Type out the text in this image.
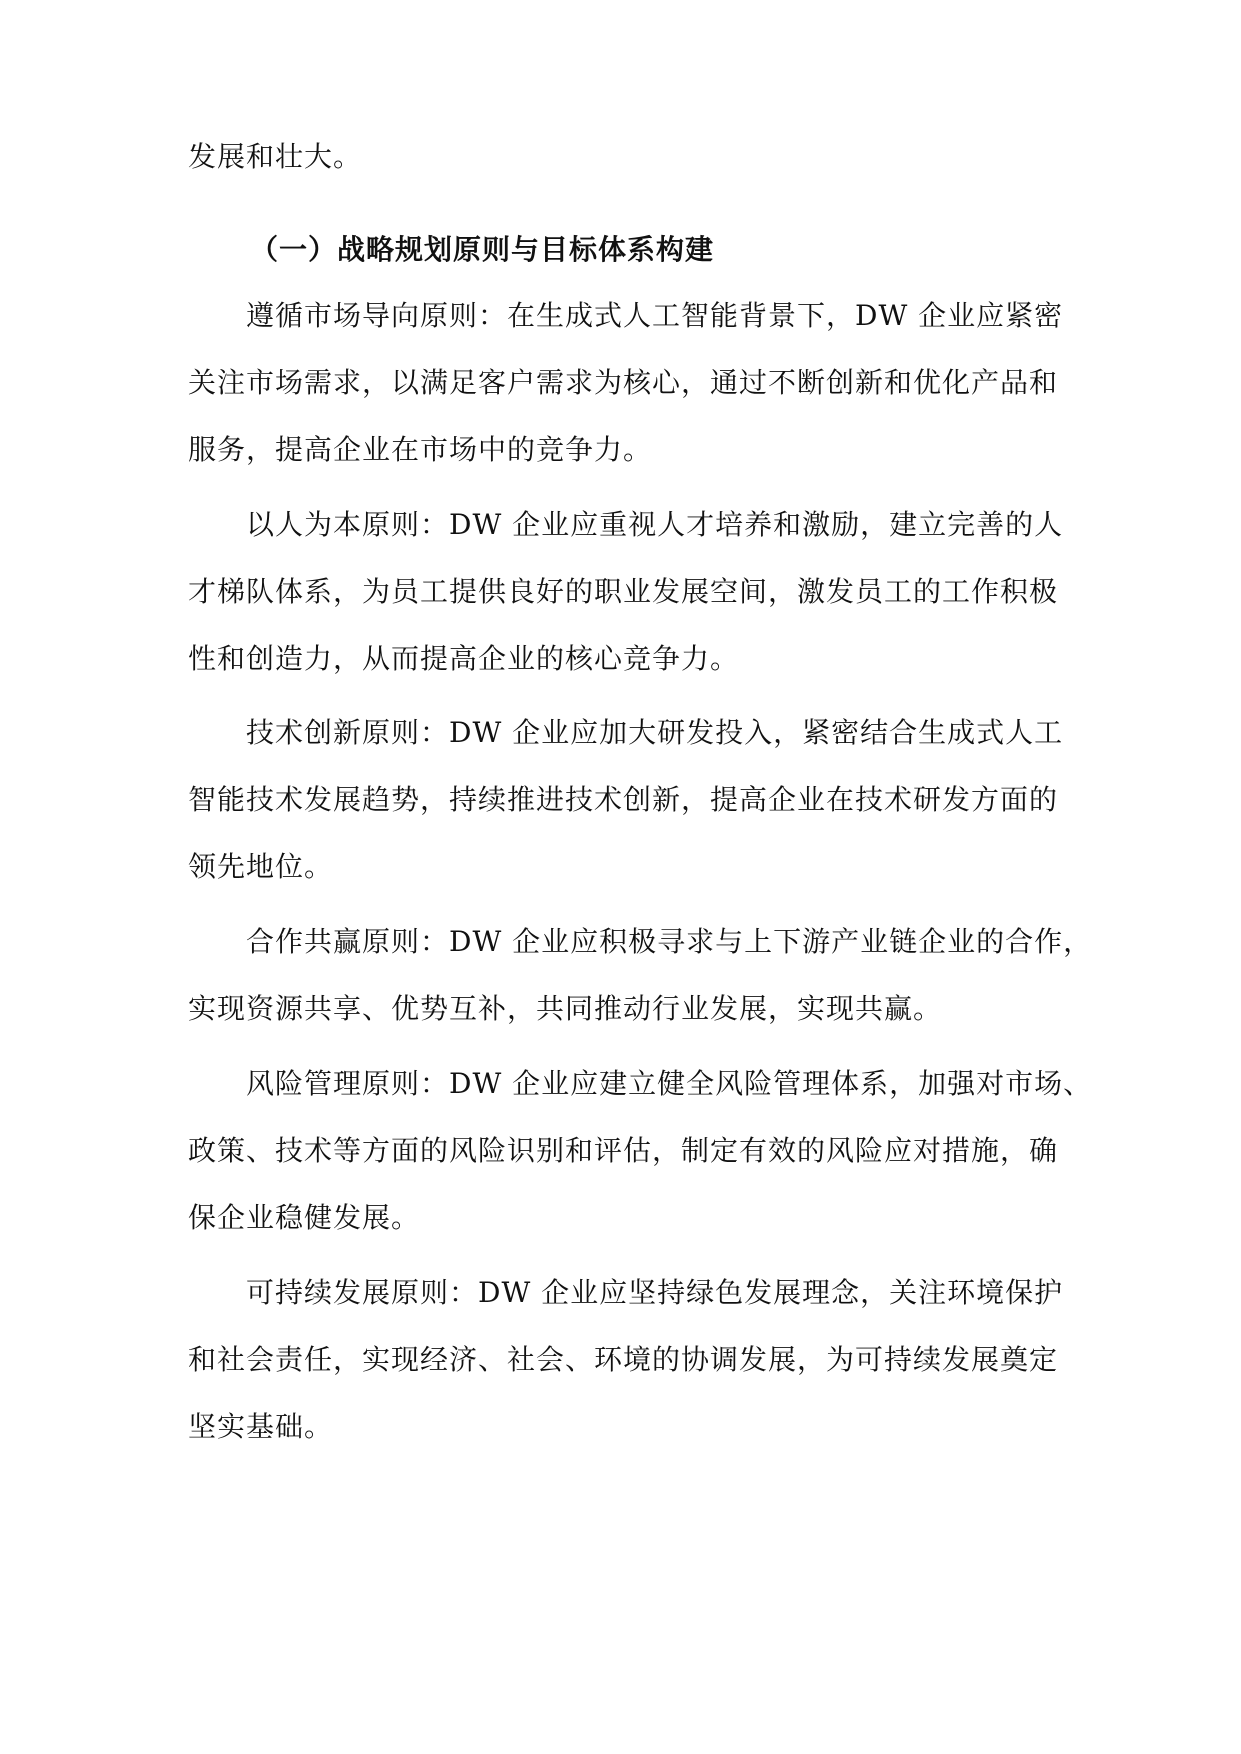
发展和壮大。
（一）战略规划原则与目标体系构建
遵循市场导向原则：在生成式人工智能背景下，DW 企业应紧密
关注市场需求，以满足客户需求为核心，通过不断创新和优化产品和
服务，提高企业在市场中的竞争力。
以人为本原则：DW 企业应重视人才培养和激励，建立完善的人
才梯队体系，为员工提供良好的职业发展空间，激发员工的工作积极
性和创造力，从而提高企业的核心竞争力。
技术创新原则：DW 企业应加大研发投入，紧密结合生成式人工
智能技术发展趋势，持续推进技术创新，提高企业在技术研发方面的
领先地位。
合作共赢原则：DW 企业应积极寻求与上下游产业链企业的合作，
实现资源共享、优势互补，共同推动行业发展，实现共赢。
风险管理原则：DW 企业应建立健全风险管理体系，加强对市场、
政策、技术等方面的风险识别和评估，制定有效的风险应对措施，确
保企业稳健发展。
可持续发展原则：DW 企业应坚持绿色发展理念，关注环境保护
和社会责任，实现经济、社会、环境的协调发展，为可持续发展奠定
坚实基础。
